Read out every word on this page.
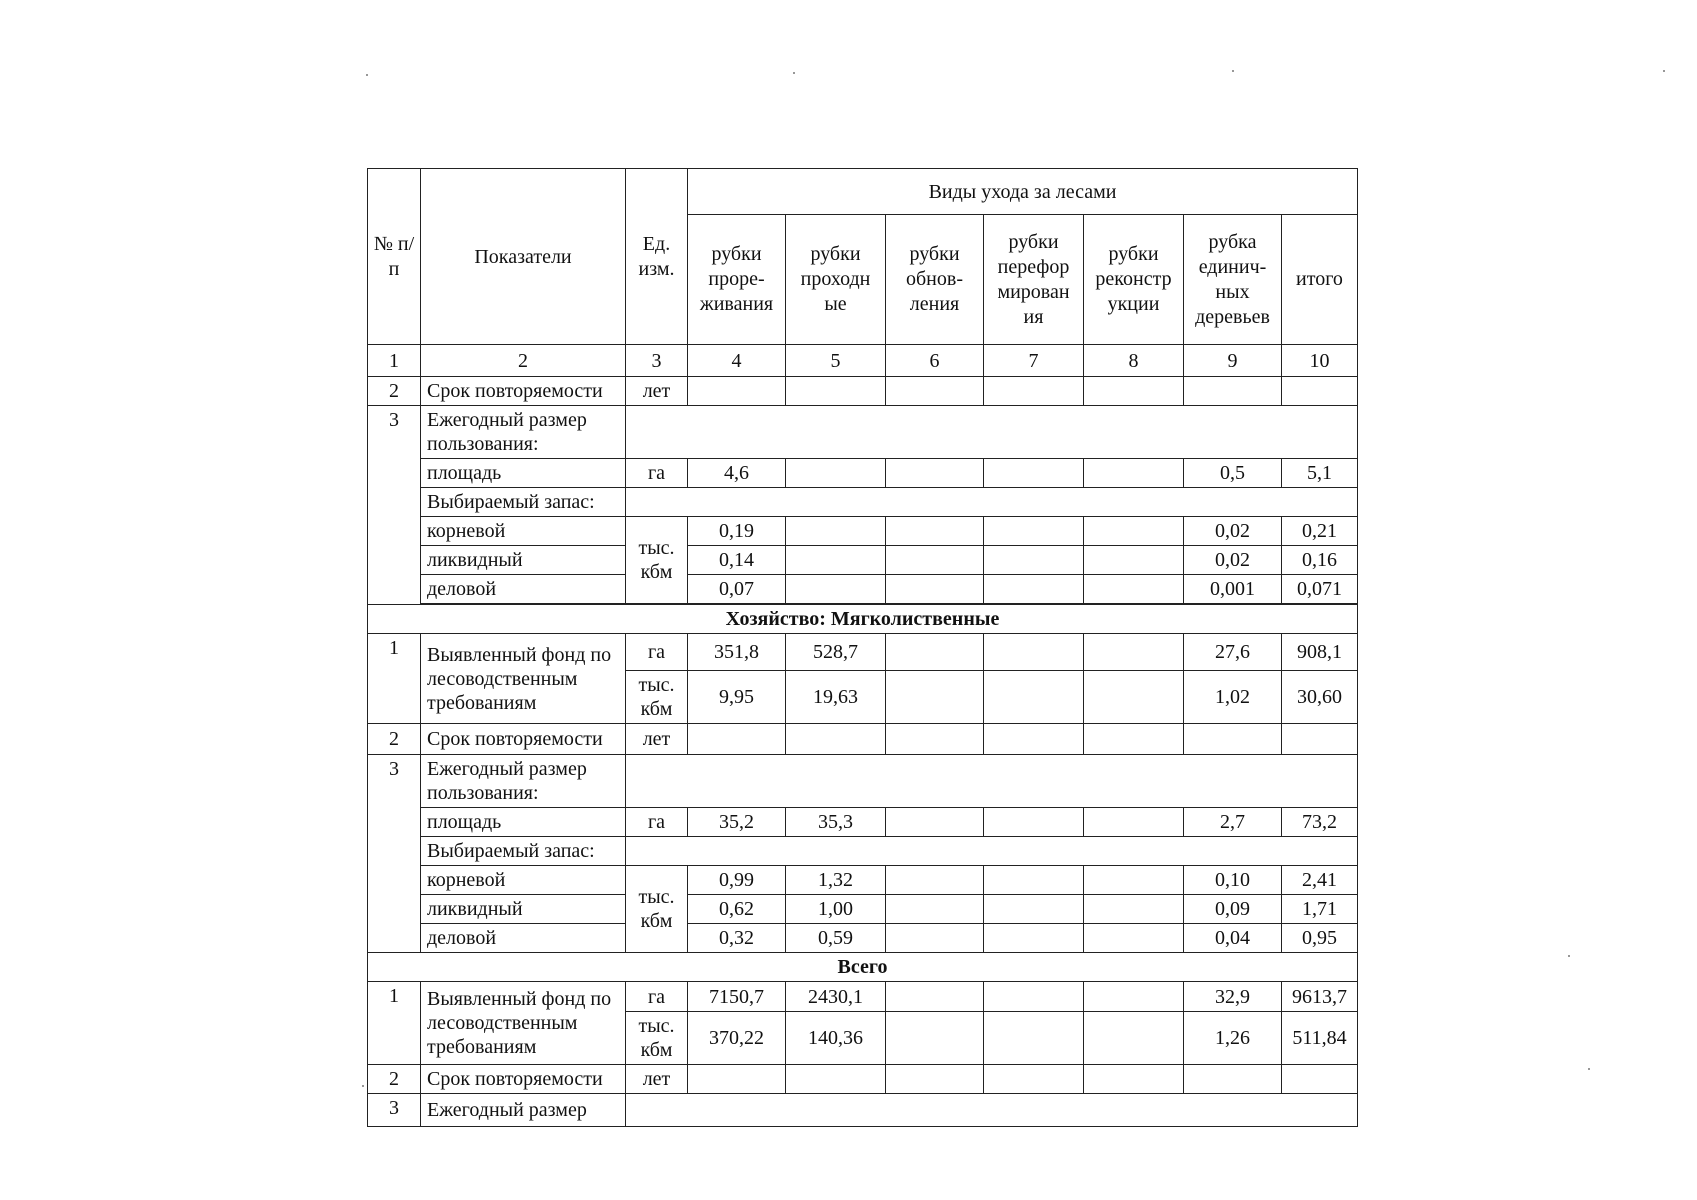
№ п/п	Показатели	Ед. изм.	Виды ухода за лесами						
			рубки проре-живания	рубки проходн ые	рубки обнов-ления	рубки перефор мирован ия	рубки реконстр укции	рубка единич-ных деревьев	итого
1	2	3	4	5	6	7	8	9	10
2	Срок повторяемости	лет							
3	Ежегодный размер пользования:								
	площадь	га	4,6					0,5	5,1
	Выбираемый запас:								
	корневой	тыс. кбм	0,19					0,02	0,21
	ликвидный		0,14					0,02	0,16
	деловой		0,07					0,001	0,071

Хозяйство: Мягколиственные									
1	Выявленный фонд по лесоводственным требованиям	га	351,8	528,7				27,6	908,1
		тыс. кбм	9,95	19,63				1,02	30,60
2	Срок повторяемости	лет							
3	Ежегодный размер пользования:								
	площадь	га	35,2	35,3				2,7	73,2
	Выбираемый запас:								
	корневой	тыс. кбм	0,99	1,32				0,10	2,41
	ликвидный		0,62	1,00				0,09	1,71
	деловой		0,32	0,59				0,04	0,95
Всего									
1	Выявленный фонд по лесоводственным требованиям	га	7150,7	2430,1				32,9	9613,7
		тыс. кбм	370,22	140,36				1,26	511,84
2	Срок повторяемости	лет							
3	Ежегодный размер								
